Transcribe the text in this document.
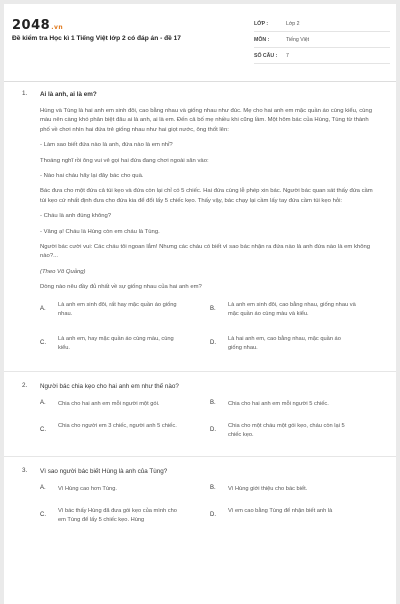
2048.vn
Đề kiểm tra Học kì 1 Tiếng Việt lớp 2 có đáp án - đề 17
LỚP :	Lớp 2
MÔN :	Tiếng Việt
SỐ CÂU : 7
1. Ai là anh, ai là em?
Hùng và Tùng là hai anh em sinh đôi, cao bằng nhau và giống nhau như đúc. Mẹ cho hai anh em mặc quần áo cùng kiểu, cùng màu nên càng khó phân biệt đâu ai là anh, ai là em. Đến cả bố mẹ nhiều khi cũng lầm. Một hôm bác của Hùng, Tùng từ thành phố về chơi nhìn hai đứa trẻ giống nhau như hai giọt nước, ông thốt lên:
- Làm sao biết đứa nào là anh, đứa nào là em nhỉ?
Thoáng nghĩ rồi ông vui vẻ gọi hai đứa đang chơi ngoài sân vào:
- Nào hai cháu hãy lại đây bác cho quà.
Bác đưa cho một đứa cả túi kẹo và đứa còn lại chỉ có 5 chiếc. Hai đứa cùng lễ phép xin bác. Người bác quan sát thấy đứa cầm túi kẹo cứ nhất định đưa cho đứa kia để đổi lấy 5 chiếc kẹo. Thấy vậy, bác chạy lại cầm lấy tay đứa cầm túi kẹo hỏi:
- Cháu là anh đúng không?
- Vâng ạ! Cháu là Hùng còn em cháu là Tùng.
Người bác cười vui: Các cháu tôi ngoan lắm! Nhưng các cháu có biết vì sao bác nhận ra đứa nào là anh đứa nào là em không nào?...
(Theo Võ Quảng)
Dòng nào nêu đầy đủ nhất về sự giống nhau của hai anh em?
A.
Là anh em sinh đôi, rất hay mặc quần áo giống nhau.
B.
Là anh em sinh đôi, cao bằng nhau, giống nhau và mặc quần áo cùng màu và kiểu.
C.
Là anh em, hay mặc quần áo cùng màu, cùng kiểu.
D.
Là hai anh em, cao bằng nhau, mặc quần áo giống nhau.
2. Người bác chia kẹo cho hai anh em như thế nào?
A. Chia cho hai anh em mỗi người một gói.	B. Chia cho hai anh em mỗi người 5 chiếc.
C.
Chia cho người em 3 chiếc, người anh 5 chiếc.
D.
Chia cho một cháu một gói kẹo, cháu còn lại 5 chiếc kẹo.
3. Vì sao người bác biết Hùng là anh của Tùng?
A. Vì Hùng cao hơn Tùng.	B. Vì Hùng giới thiệu cho bác biết.
C.
Vì bác thấy Hùng đã đưa gói kẹo của mình cho em Tùng để lấy 5 chiếc kẹo. Hùng
D.
Vì em cao bằng Tùng để nhận biết anh là
